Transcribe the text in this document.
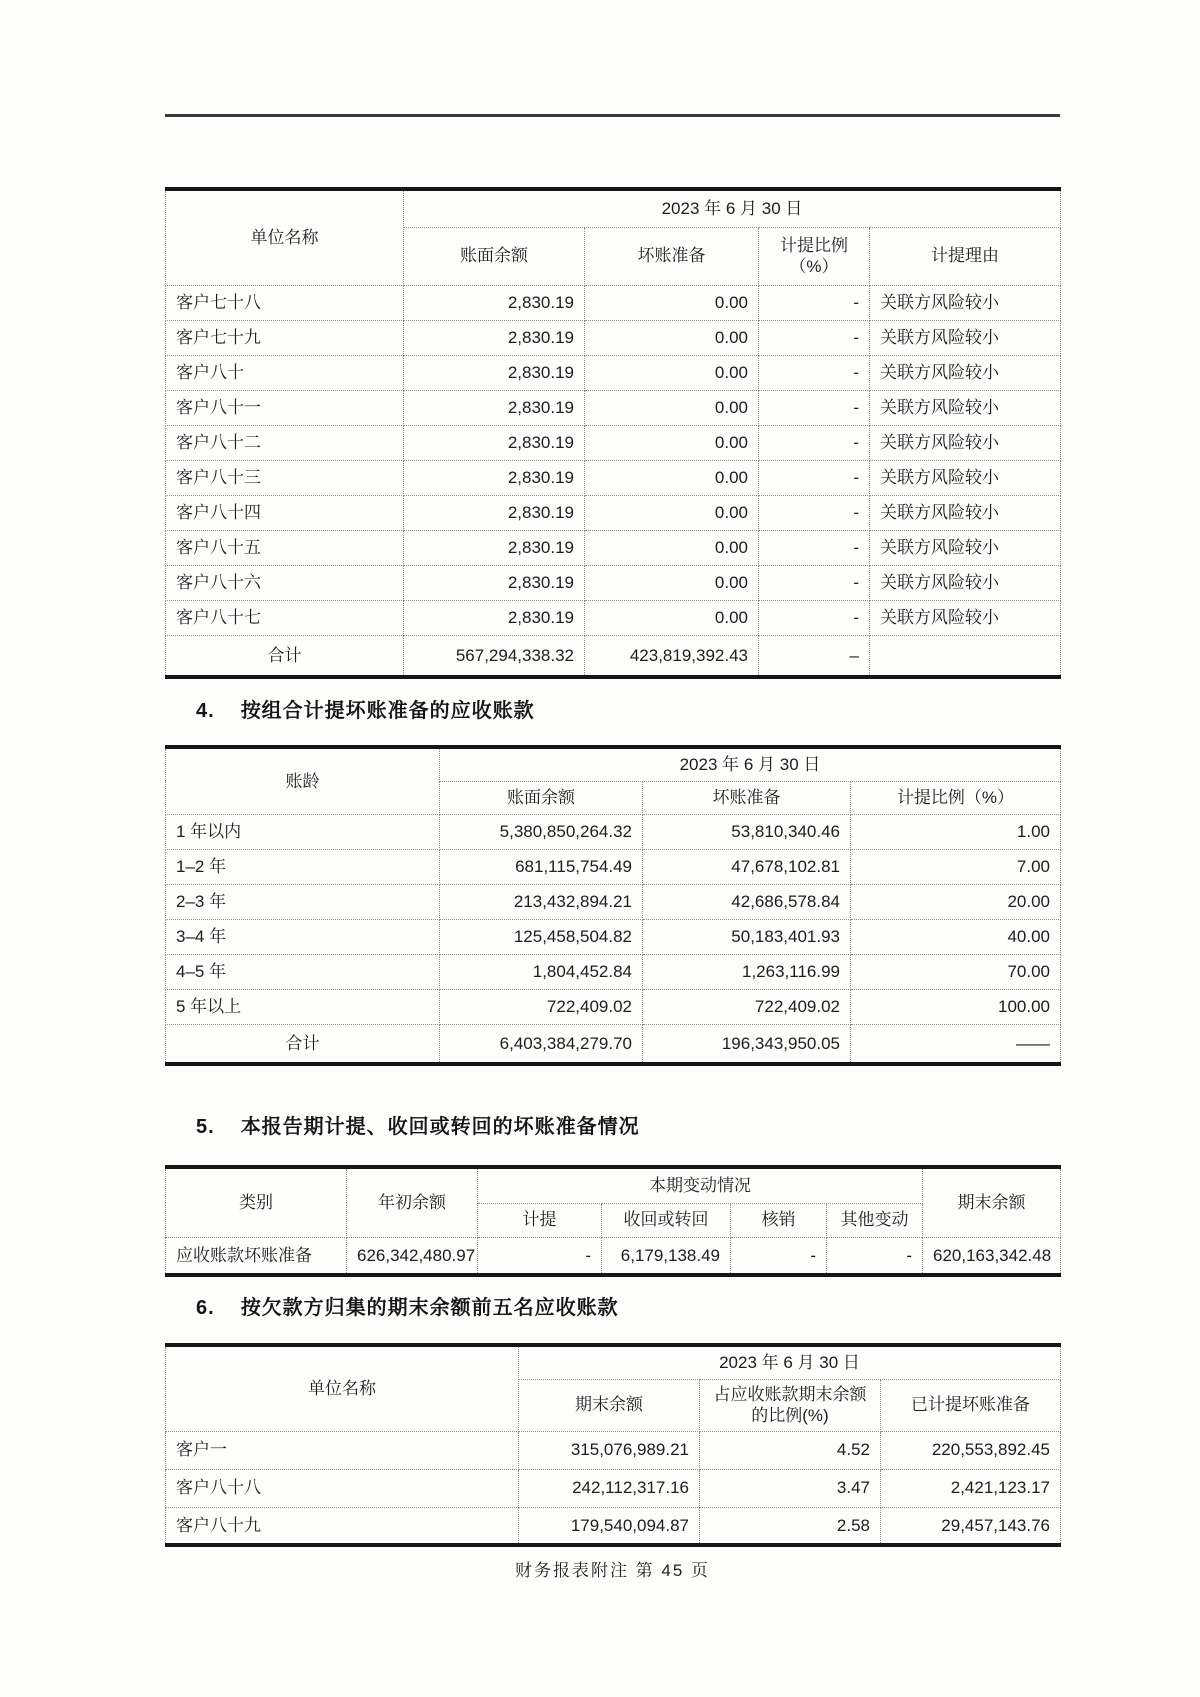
单位名称	2023 年 6 月 30 日			
	账面余额	坏账准备	计提比例 （%）	计提理由
客户七十八	2,830.19	0.00	-	关联方风险较小
客户七十九	2,830.19	0.00	-	关联方风险较小
客户八十	2,830.19	0.00	-	关联方风险较小
客户八十一	2,830.19	0.00	-	关联方风险较小
客户八十二	2,830.19	0.00	-	关联方风险较小
客户八十三	2,830.19	0.00	-	关联方风险较小
客户八十四	2,830.19	0.00	-	关联方风险较小
客户八十五	2,830.19	0.00	-	关联方风险较小
客户八十六	2,830.19	0.00	-	关联方风险较小
客户八十七	2,830.19	0.00	-	关联方风险较小
合计	567,294,338.32	423,819,392.43	–	
4. 按组合计提坏账准备的应收账款
账龄	2023 年 6 月 30 日		
	账面余额	坏账准备	计提比例（%）
1 年以内	5,380,850,264.32	53,810,340.46	1.00
1–2 年	681,115,754.49	47,678,102.81	7.00
2–3 年	213,432,894.21	42,686,578.84	20.00
3–4 年	125,458,504.82	50,183,401.93	40.00
4–5 年	1,804,452.84	1,263,116.99	70.00
5 年以上	722,409.02	722,409.02	100.00
合计	6,403,384,279.70	196,343,950.05	——
5. 本报告期计提、收回或转回的坏账准备情况
类别	年初余额	本期变动情况				期末余额
		计提	收回或转回	核销	其他变动	
应收账款坏账准备	626,342,480.97	-	6,179,138.49	-	-	620,163,342.48
6. 按欠款方归集的期末余额前五名应收账款
单位名称	2023 年 6 月 30 日		
	期末余额	占应收账款期末余额的比例(%)	已计提坏账准备
客户一	315,076,989.21	4.52	220,553,892.45
客户八十八	242,112,317.16	3.47	2,421,123.17
客户八十九	179,540,094.87	2.58	29,457,143.76
财务报表附注 第 45 页
